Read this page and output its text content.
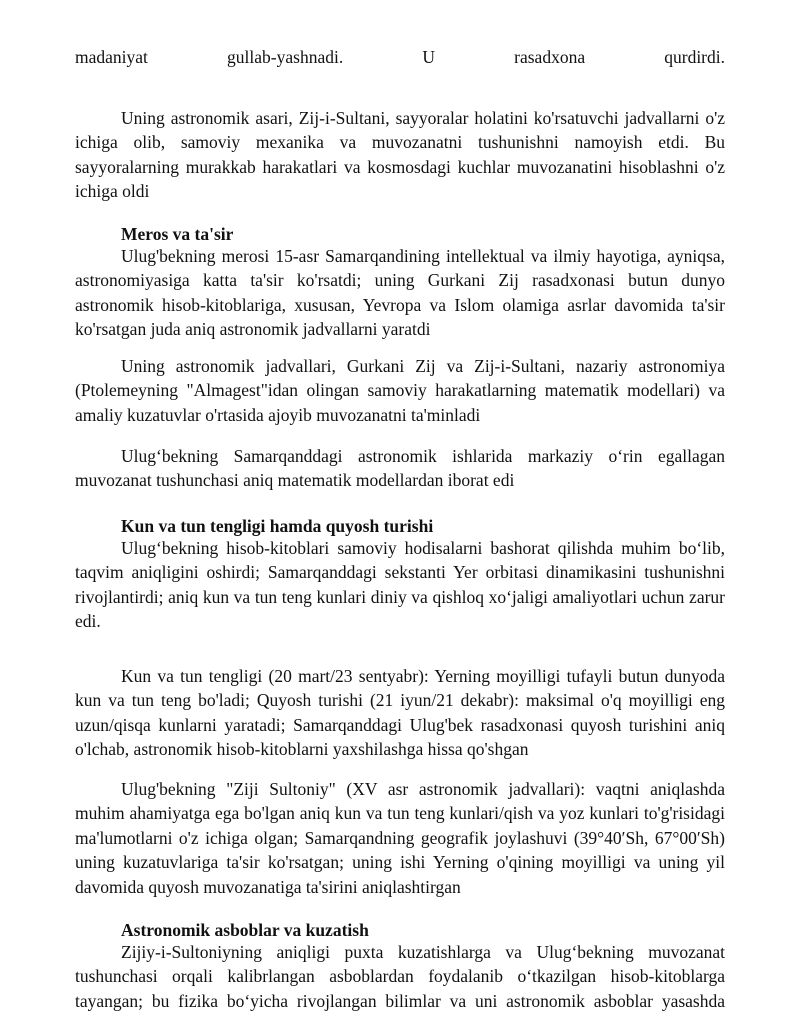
madaniyat gullab-yashnadi. U rasadxona qurdirdi.

Uning astronomik asari, Zij-i-Sultani, sayyoralar holatini ko'rsatuvchi jadvallarni o'z ichiga olib, samoviy mexanika va muvozanatni tushunishni namoyish etdi. Bu sayyoralarning murakkab harakatlari va kosmosdagi kuchlar muvozanatini hisoblashni o'z ichiga oldi

Meros va ta'sir

Ulug'bekning merosi 15-asr Samarqandining intellektual va ilmiy hayotiga, ayniqsa, astronomiyasiga katta ta'sir ko'rsatdi; uning Gurkani Zij rasadxonasi butun dunyo astronomik hisob-kitoblariga, xususan, Yevropa va Islom olamiga asrlar davomida ta'sir ko'rsatgan juda aniq astronomik jadvallarni yaratdi

Uning astronomik jadvallari, Gurkani Zij va Zij-i-Sultani, nazariy astronomiya (Ptolemeyning "Almagest"idan olingan samoviy harakatlarning matematik modellari) va amaliy kuzatuvlar o'rtasida ajoyib muvozanatni ta'minladi

Ulug‘bekning Samarqanddagi astronomik ishlarida markaziy o‘rin egallagan muvozanat tushunchasi aniq matematik modellardan iborat edi

Kun va tun tengligi hamda quyosh turishi

Ulug‘bekning hisob-kitoblari samoviy hodisalarni bashorat qilishda muhim bo‘lib, taqvim aniqligini oshirdi; Samarqanddagi sekstanti Yer orbitasi dinamikasini tushunishni rivojlantirdi; aniq kun va tun teng kunlari diniy va qishloq xo‘jaligi amaliyotlari uchun zarur edi.

Kun va tun tengligi (20 mart/23 sentyabr): Yerning moyilligi tufayli butun dunyoda kun va tun teng bo'ladi; Quyosh turishi (21 iyun/21 dekabr): maksimal o'q moyilligi eng uzun/qisqa kunlarni yaratadi; Samarqanddagi Ulug'bek rasadxonasi quyosh turishini aniq o'lchab, astronomik hisob-kitoblarni yaxshilashga hissa qo'shgan

Ulug'bekning "Ziji Sultoniy" (XV asr astronomik jadvallari): vaqtni aniqlashda muhim ahamiyatga ega bo'lgan aniq kun va tun teng kunlari/qish va yoz kunlari to'g'risidagi ma'lumotlarni o'z ichiga olgan; Samarqandning geografik joylashuvi (39°40′Sh, 67°00′Sh) uning kuzatuvlariga ta'sir ko'rsatgan; uning ishi Yerning o'qining moyilligi va uning yil davomida quyosh muvozanatiga ta'sirini aniqlashtirgan

Astronomik asboblar va kuzatish

Zijiy-i-Sultoniyning aniqligi puxta kuzatishlarga va Ulug‘bekning muvozanat tushunchasi orqali kalibrlangan asboblardan foydalanib o‘tkazilgan hisob-kitoblarga tayangan; bu fizika bo‘yicha rivojlangan bilimlar va uni astronomik asboblar yasashda
